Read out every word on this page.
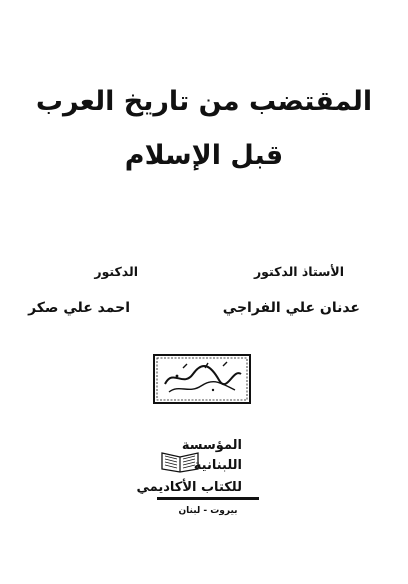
المقتضب من تاريخ العرب
قبل الإسلام
الأستاذ الدكتور
عدنان علي الفراجي
الدكتور
احمد علي صكر
المؤسسة
اللبنانية
للكتاب الأكاديمي
بيروت - لبنان
